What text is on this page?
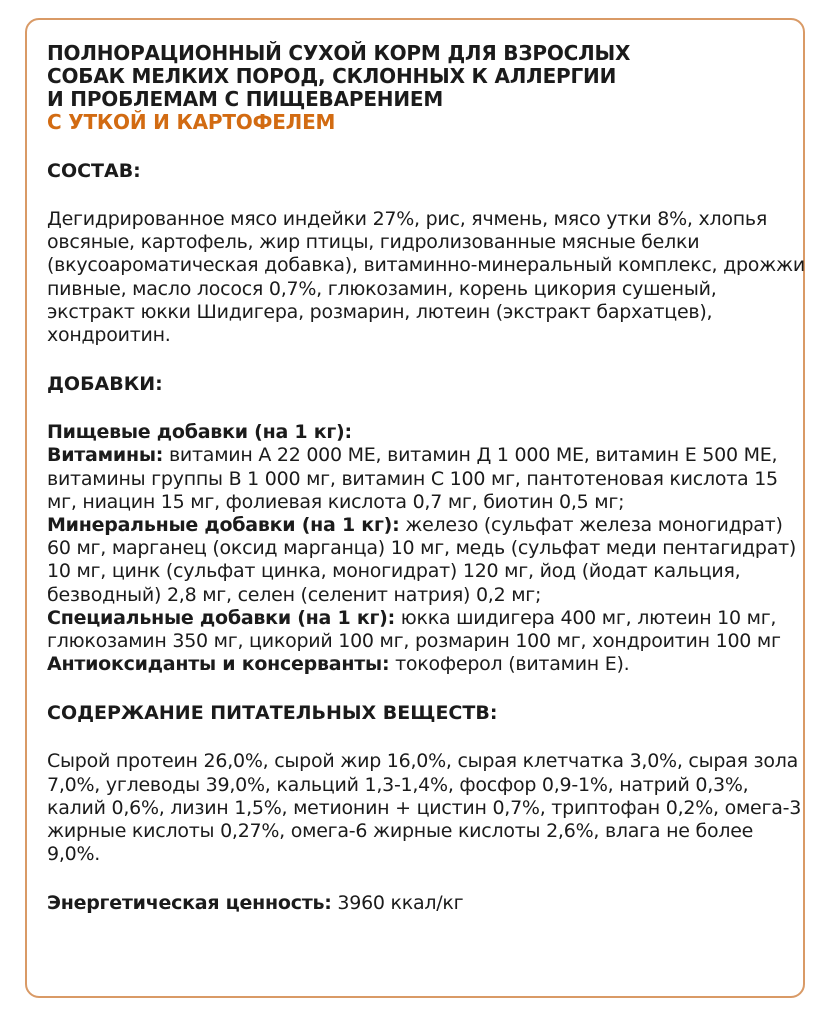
ПОЛНОРАЦИОННЫЙ СУХОЙ КОРМ ДЛЯ ВЗРОСЛЫХ
СОБАК МЕЛКИХ ПОРОД, СКЛОННЫХ К АЛЛЕРГИИ
И ПРОБЛЕМАМ С ПИЩЕВАРЕНИЕМ
С УТКОЙ И КАРТОФЕЛЕМ
СОСТАВ:
Дегидрированное мясо индейки 27%, рис, ячмень, мясо утки 8%, хлопья овсяные, картофель, жир птицы, гидролизованные мясные белки (вкусоароматическая добавка), витаминно-минеральный комплекс, дрожжи пивные, масло лосося 0,7%, глюкозамин, корень цикория сушеный, экстракт юкки Шидигера, розмарин, лютеин (экстракт бархатцев), хондроитин.
ДОБАВКИ:
Пищевые добавки (на 1 кг):
Витамины: витамин А 22 000 МЕ, витамин Д 1 000 МЕ, витамин Е 500 МЕ, витамины группы В 1 000 мг, витамин С 100 мг, пантотеновая кислота 15 мг, ниацин 15 мг, фолиевая кислота 0,7 мг, биотин 0,5 мг;
Минеральные добавки (на 1 кг): железо (сульфат железа моногидрат) 60 мг, марганец (оксид марганца) 10 мг, медь (сульфат меди пентагидрат) 10 мг, цинк (сульфат цинка, моногидрат) 120 мг, йод (йодат кальция, безводный) 2,8 мг, селен (селенит натрия) 0,2 мг;
Специальные добавки (на 1 кг): юкка шидигера 400 мг, лютеин 10 мг, глюкозамин 350 мг, цикорий 100 мг, розмарин 100 мг, хондроитин 100 мг
Антиоксиданты и консерванты: токоферол (витамин Е).
СОДЕРЖАНИЕ ПИТАТЕЛЬНЫХ ВЕЩЕСТВ:
Сырой протеин 26,0%, сырой жир 16,0%, сырая клетчатка 3,0%, сырая зола 7,0%, углеводы 39,0%, кальций 1,3-1,4%, фосфор 0,9-1%, натрий 0,3%, калий 0,6%, лизин 1,5%, метионин + цистин 0,7%, триптофан 0,2%, омега-3 жирные кислоты 0,27%, омега-6 жирные кислоты 2,6%, влага не более 9,0%.
Энергетическая ценность: 3960 ккал/кг
